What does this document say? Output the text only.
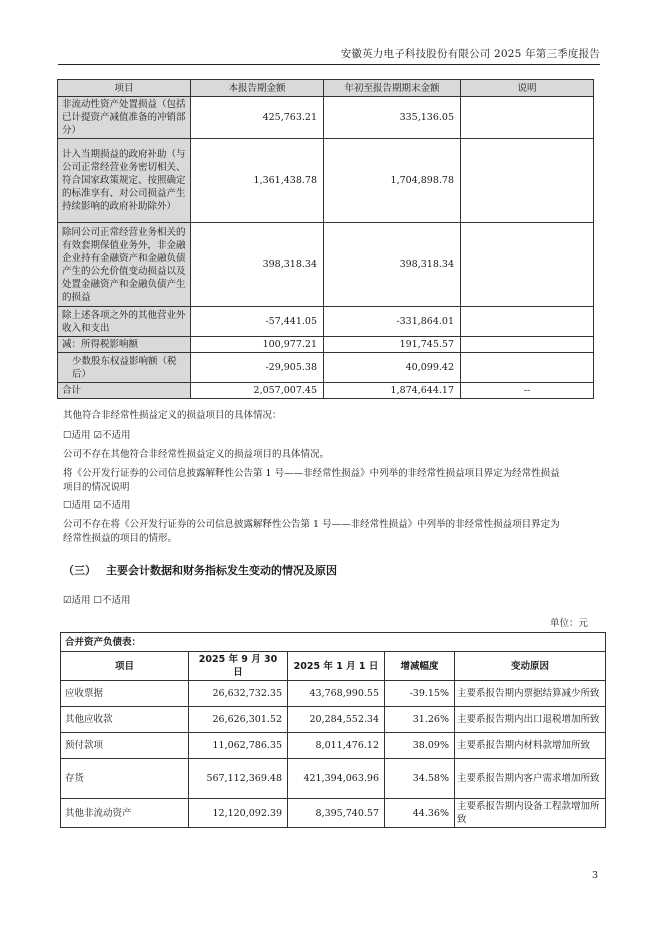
安徽英力电子科技股份有限公司 2025 年第三季度报告
项目	本报告期金额	年初至报告期期末金额	说明
非流动性资产处置损益（包括已计提资产减值准备的冲销部分）	425,763.21	335,136.05	
计入当期损益的政府补助（与公司正常经营业务密切相关、符合国家政策规定、按照确定的标准享有、对公司损益产生持续影响的政府补助除外）	1,361,438.78	1,704,898.78	
除同公司正常经营业务相关的有效套期保值业务外，非金融企业持有金融资产和金融负债产生的公允价值变动损益以及处置金融资产和金融负债产生的损益	398,318.34	398,318.34	
除上述各项之外的其他营业外收入和支出	-57,441.05	-331,864.01	
减：所得税影响额	100,977.21	191,745.57	
少数股东权益影响额（税后）	-29,905.38	40,099.42	
合计	2,057,007.45	1,874,644.17	--
其他符合非经常性损益定义的损益项目的具体情况：
☐适用 ☑不适用
公司不存在其他符合非经常性损益定义的损益项目的具体情况。
将《公开发行证券的公司信息披露解释性公告第 1 号——非经常性损益》中列举的非经常性损益项目界定为经常性损益
项目的情况说明
☐适用 ☑不适用
公司不存在将《公开发行证券的公司信息披露解释性公告第 1 号——非经常性损益》中列举的非经常性损益项目界定为
经常性损益的项目的情形。
（三） 主要会计数据和财务指标发生变动的情况及原因
☑适用 ☐不适用
单位：元
合并资产负债表：				
项目	2025 年 9 月 30 日	2025 年 1 月 1 日	增减幅度	变动原因
应收票据	26,632,732.35	43,768,990.55	-39.15%	主要系报告期内票据结算减少所致
其他应收款	26,626,301.52	20,284,552.34	31.26%	主要系报告期内出口退税增加所致
预付款项	11,062,786.35	8,011,476.12	38.09%	主要系报告期内材料款增加所致
存货	567,112,369.48	421,394,063.96	34.58%	主要系报告期内客户需求增加所致
其他非流动资产	12,120,092.39	8,395,740.57	44.36%	主要系报告期内设备工程款增加所致
3
